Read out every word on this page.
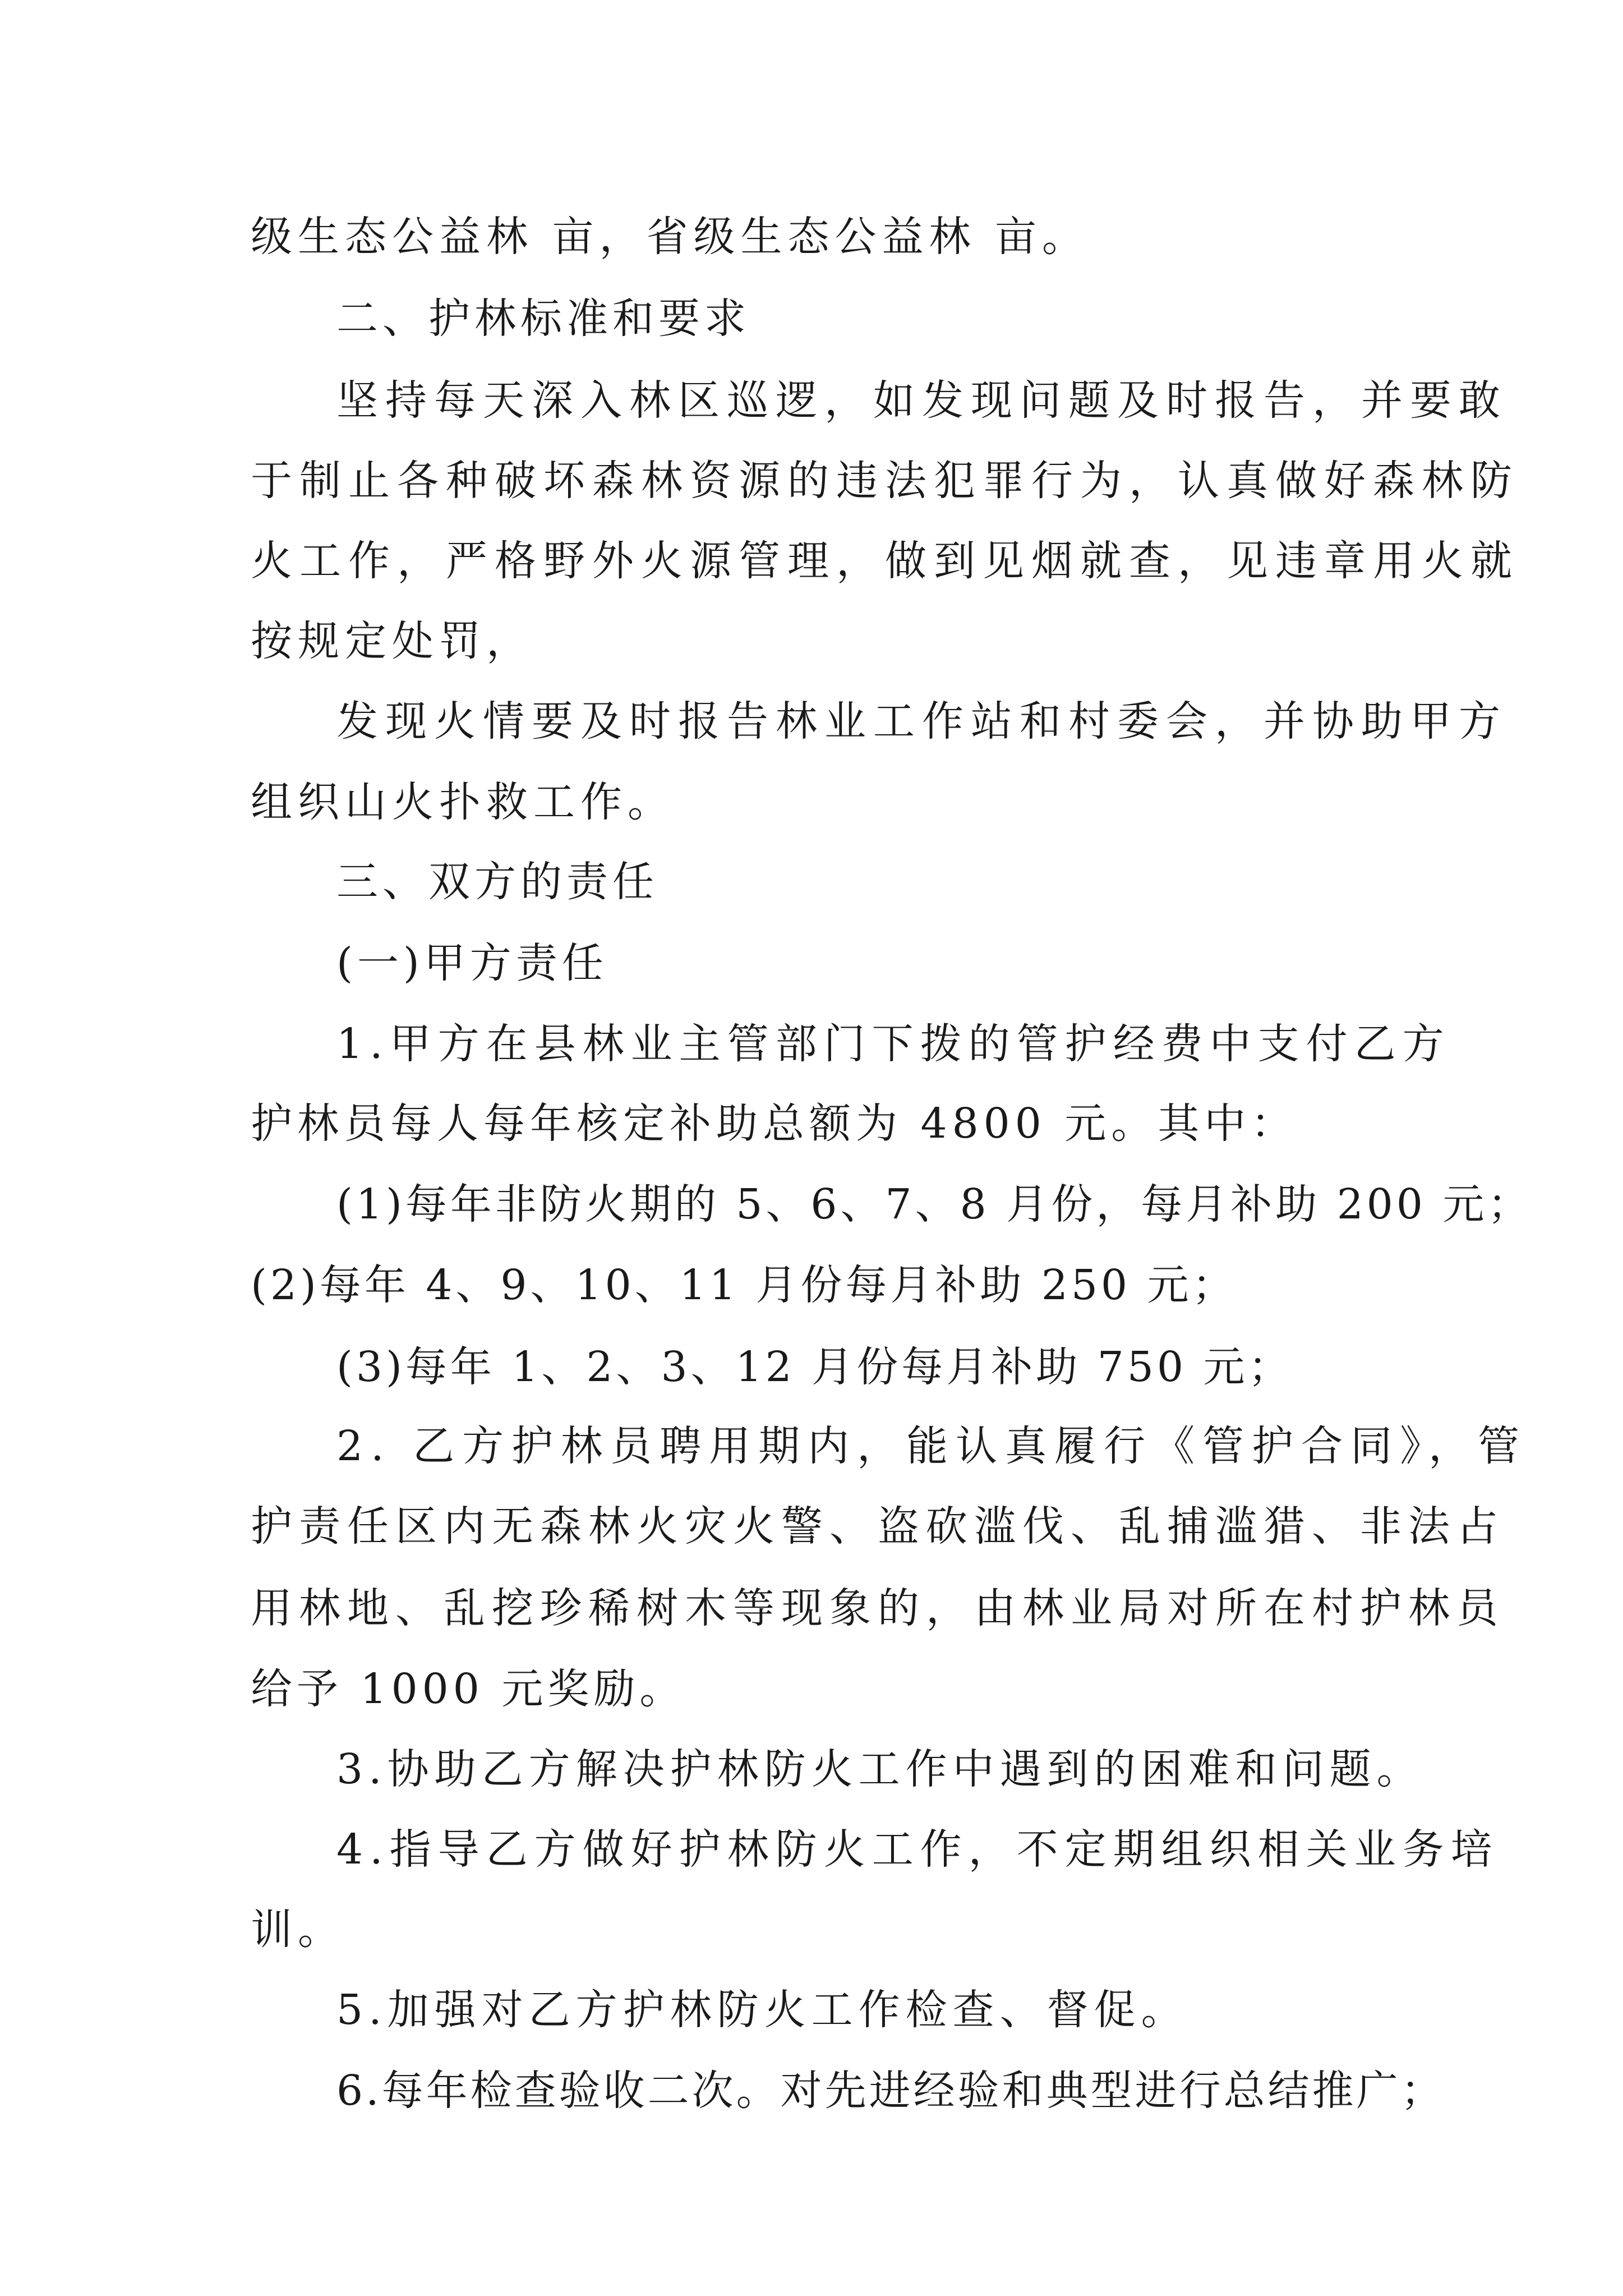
级生态公益林 亩，省级生态公益林 亩。

二、护林标准和要求

坚持每天深入林区巡逻，如发现问题及时报告，并要敢

于制止各种破坏森林资源的违法犯罪行为，认真做好森林防

火工作，严格野外火源管理，做到见烟就查，见违章用火就

按规定处罚，

发现火情要及时报告林业工作站和村委会，并协助甲方

组织山火扑救工作。

三、双方的责任

(一)甲方责任

1.甲方在县林业主管部门下拨的管护经费中支付乙方

护林员每人每年核定补助总额为 4800 元。其中：

(1)每年非防火期的 5、6、7、8 月份，每月补助 200 元；

(2)每年 4、9、10、11 月份每月补助 250 元；

(3)每年 1、2、3、12 月份每月补助 750 元；

2. 乙方护林员聘用期内，能认真履行《管护合同》，管

护责任区内无森林火灾火警、盗砍滥伐、乱捕滥猎、非法占

用林地、乱挖珍稀树木等现象的，由林业局对所在村护林员

给予 1000 元奖励。

3.协助乙方解决护林防火工作中遇到的困难和问题。

4.指导乙方做好护林防火工作，不定期组织相关业务培

训。

5.加强对乙方护林防火工作检查、督促。

6.每年检查验收二次。对先进经验和典型进行总结推广；
